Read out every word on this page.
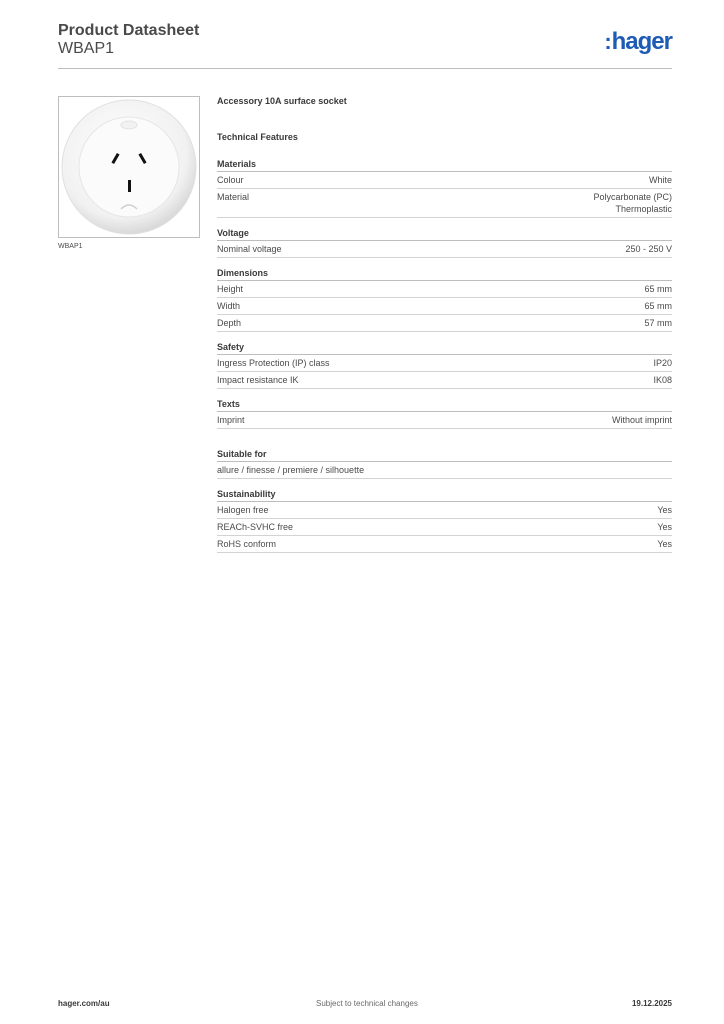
Product Datasheet
WBAP1	:hager
WBAP1
Accessory 10A surface socket
Technical Features
Materials
Colour	White
Material	Polycarbonate (PC)
Thermoplastic
Voltage
Nominal voltage	250 - 250 V
Dimensions
Height	65 mm
Width	65 mm
Depth	57 mm
Safety
Ingress Protection (IP) class	IP20
Impact resistance IK	IK08
Texts
Imprint	Without imprint
Suitable for
allure / finesse / premiere / silhouette
Sustainability
Halogen free	Yes
REACh-SVHC free	Yes
RoHS conform	Yes
hager.com/au	Subject to technical changes	19.12.2025
